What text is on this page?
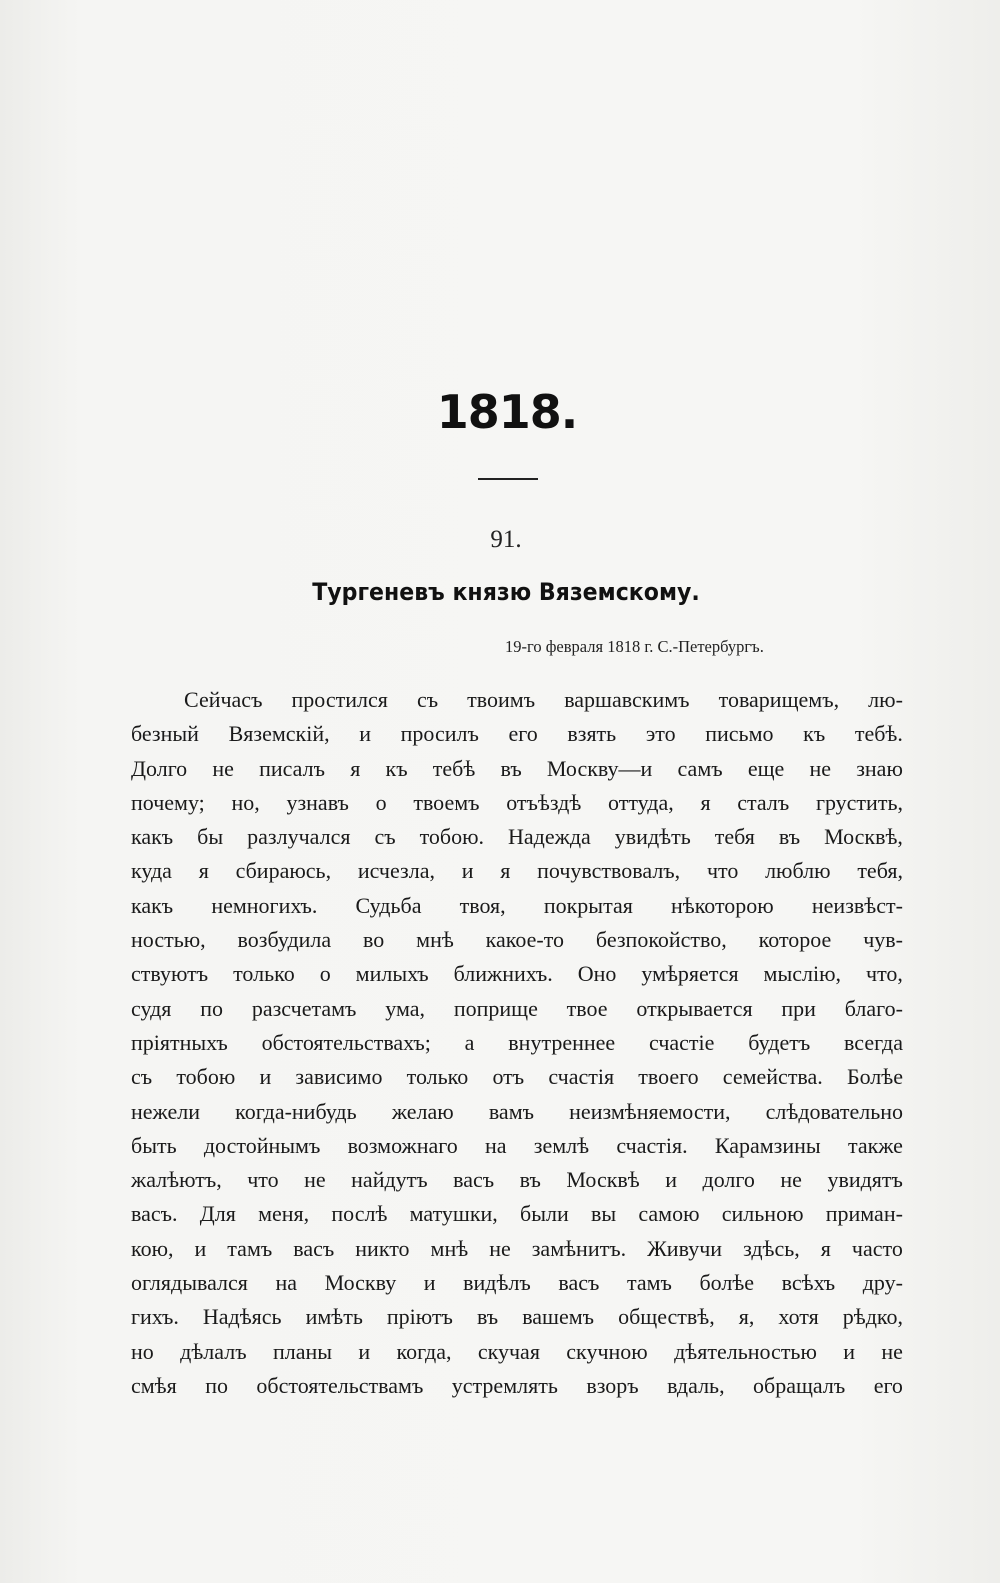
1818.
91.
Тургеневъ князю Вяземскому.
19-го февраля 1818 г. С.-Петербургъ.
Сейчасъ простился съ твоимъ варшавскимъ товарищемъ, лю-
безный Вяземскій, и просилъ его взять это письмо къ тебѣ.
Долго не писалъ я къ тебѣ въ Москву—и самъ еще не знаю
почему; но, узнавъ о твоемъ отъѣздѣ оттуда, я сталъ грустить,
какъ бы разлучался съ тобою. Надежда увидѣть тебя въ Москвѣ,
куда я сбираюсь, исчезла, и я почувствовалъ, что люблю тебя,
какъ немногихъ. Судьба твоя, покрытая нѣкоторою неизвѣст-
ностью, возбудила во мнѣ какое-то безпокойство, которое чув-
ствуютъ только о милыхъ ближнихъ. Оно умѣряется мыслію, что,
судя по разсчетамъ ума, поприще твое открывается при благо-
пріятныхъ обстоятельствахъ; а внутреннее счастіе будетъ всегда
съ тобою и зависимо только отъ счастія твоего семейства. Болѣе
нежели когда-нибудь желаю вамъ неизмѣняемости, слѣдовательно
быть достойнымъ возможнаго на землѣ счастія. Карамзины также
жалѣютъ, что не найдутъ васъ въ Москвѣ и долго не увидятъ
васъ. Для меня, послѣ матушки, были вы самою сильною приман-
кою, и тамъ васъ никто мнѣ не замѣнитъ. Живучи здѣсь, я часто
оглядывался на Москву и видѣлъ васъ тамъ болѣе всѣхъ дру-
гихъ. Надѣясь имѣть пріютъ въ вашемъ обществѣ, я, хотя рѣдко,
но дѣлалъ планы и когда, скучая скучною дѣятельностью и не
смѣя по обстоятельствамъ устремлять взоръ вдаль, обращалъ его
